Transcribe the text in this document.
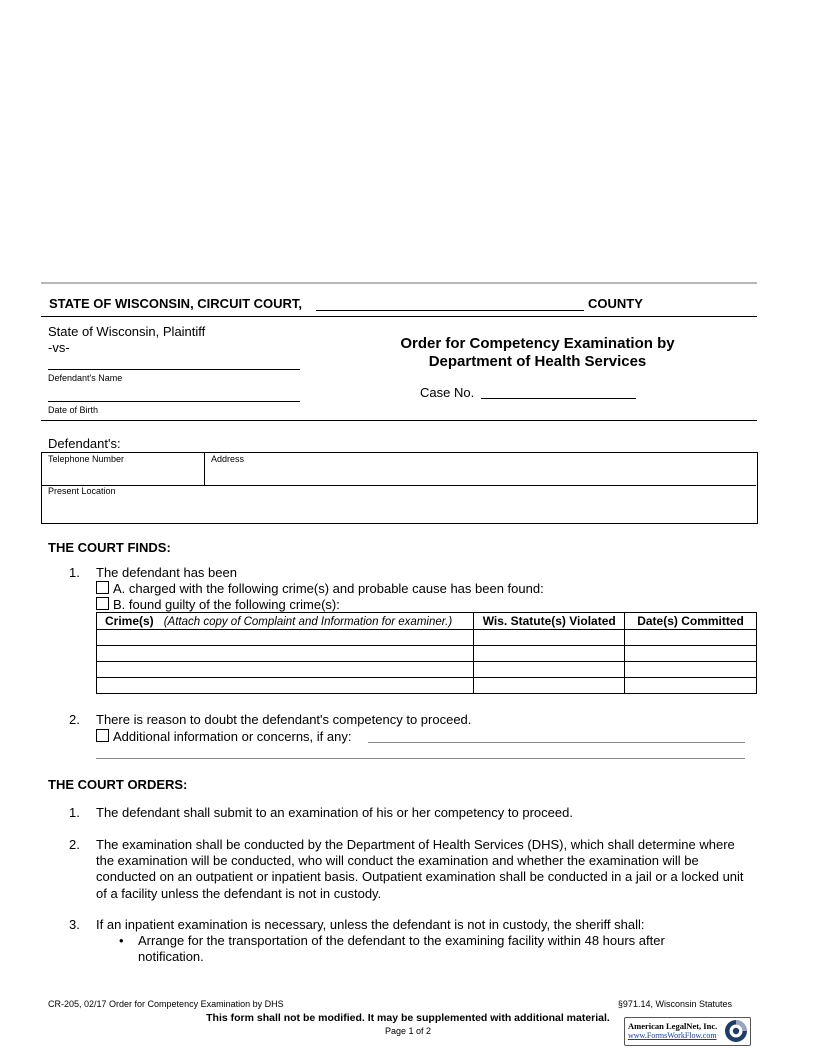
STATE OF WISCONSIN, CIRCUIT COURT,	COUNTY
State of Wisconsin, Plaintiff
-vs-
Defendant's Name
Date of Birth
Order for Competency Examination by
Department of Health Services
Case No.
Defendant's:
Telephone Number	Address
Present Location
THE COURT FINDS:
1. The defendant has been
A. charged with the following crime(s) and probable cause has been found:
B. found guilty of the following crime(s):
Crime(s) (Attach copy of Complaint and Information for examiner.)	Wis. Statute(s) Violated	Date(s) Committed

2. There is reason to doubt the defendant's competency to proceed.
Additional information or concerns, if any:
THE COURT ORDERS:
1. The defendant shall submit to an examination of his or her competency to proceed.
2. The examination shall be conducted by the Department of Health Services (DHS), which shall determine where the examination will be conducted, who will conduct the examination and whether the examination will be conducted on an outpatient or inpatient basis. Outpatient examination shall be conducted in a jail or a locked unit of a facility unless the defendant is not in custody.
3. If an inpatient examination is necessary, unless the defendant is not in custody, the sheriff shall:
• Arrange for the transportation of the defendant to the examining facility within 48 hours after notification.
CR-205, 02/17 Order for Competency Examination by DHS	§971.14, Wisconsin Statutes
This form shall not be modified. It may be supplemented with additional material.
Page 1 of 2	American LegalNet, Inc.
www.FormsWorkFlow.com
